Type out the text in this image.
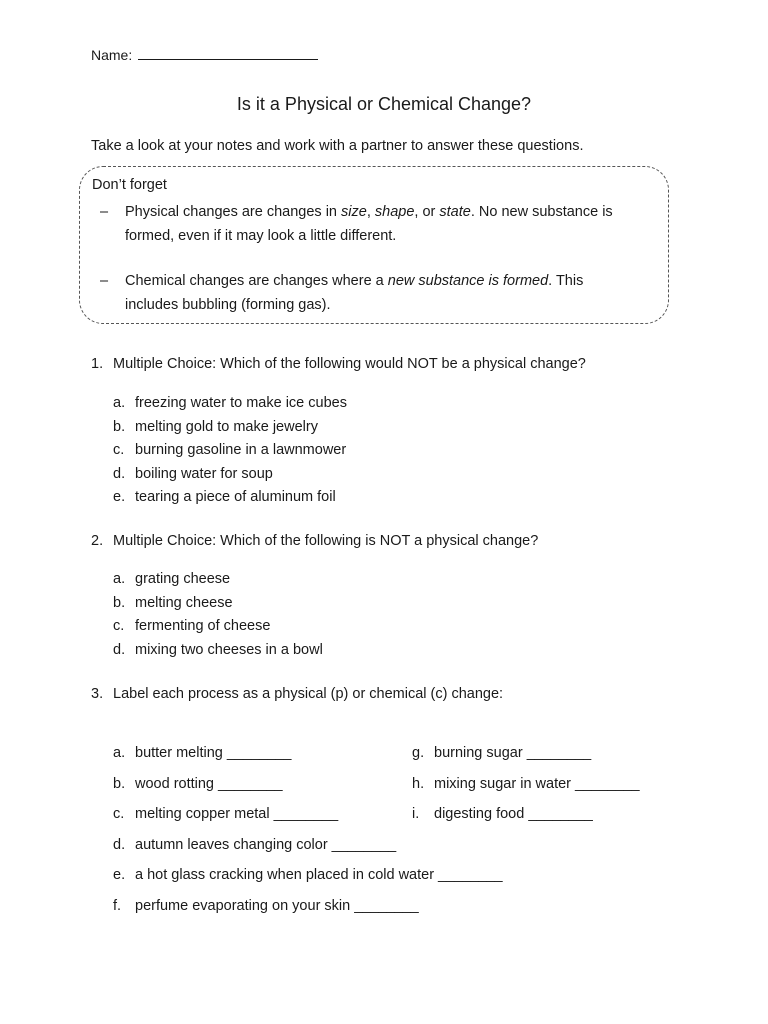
Name:
Is it a Physical or Chemical Change?
Take a look at your notes and work with a partner to answer these questions.
Don’t forget
– Physical changes are changes in size, shape, or state. No new substance is formed, even if it may look a little different.
– Chemical changes are changes where a new substance is formed. This includes bubbling (forming gas).
1. Multiple Choice: Which of the following would NOT be a physical change?
a. freezing water to make ice cubes
b. melting gold to make jewelry
c. burning gasoline in a lawnmower
d. boiling water for soup
e. tearing a piece of aluminum foil
2. Multiple Choice: Which of the following is NOT a physical change?
a. grating cheese
b. melting cheese
c. fermenting of cheese
d. mixing two cheeses in a bowl
3. Label each process as a physical (p) or chemical (c) change:
a. butter melting ________
b. wood rotting ________
c. melting copper metal ________
d. autumn leaves changing color ________
e. a hot glass cracking when placed in cold water ________
f. perfume evaporating on your skin ________
g. burning sugar ________
h. mixing sugar in water ________
i. digesting food ________
